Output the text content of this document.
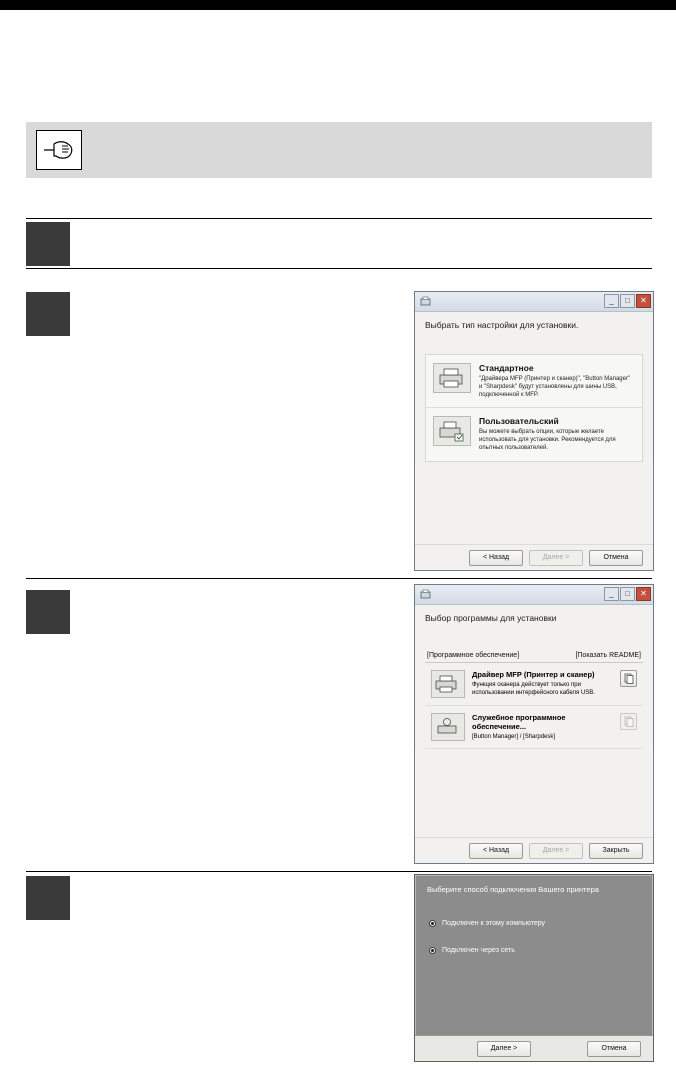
_	□	✕
Выбрать тип настройки для установки.
Стандартное
"Драйвера MFP (Принтер и сканер)", "Button Manager" и "Sharpdesk" будут установлены для шины USB, подключенной к MFP.
Пользовательский
Вы можете выбрать опции, которые желаете использовать для установки. Рекомендуется для опытных пользователей.
< Назад	Далее >	Отмена
_	□	✕
Выбор программы для установки
[Программное обеспечение]	[Показать README]
Драйвер MFP (Принтер и сканер)
Функция сканера действует только при использовании интерфейсного кабеля USB.
Служебное программное обеспечение...
[Button Manager] / [Sharpdesk]
< Назад	Далее >	Закрыть
Выберите способ подключения Вашего принтера
Подключен к этому компьютеру
Подключен через сеть
Далее >	Отмена
